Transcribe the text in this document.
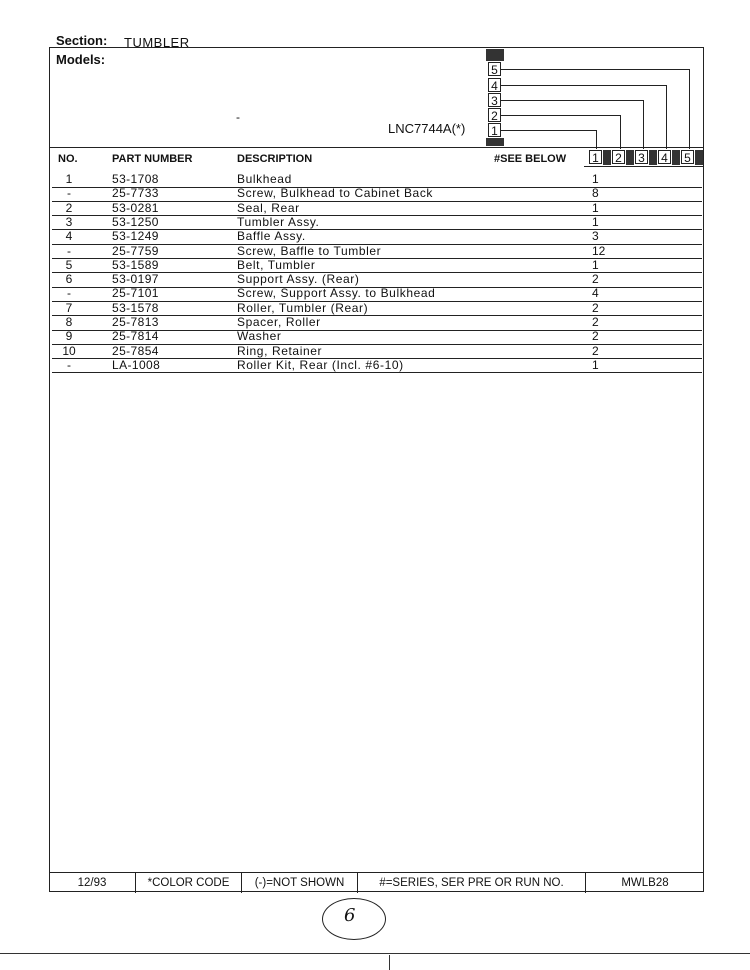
Section: TUMBLER
Models:
-
LNC7744A(*)
5
4
3
2
1
NO.	PART NUMBER	DESCRIPTION	#SEE BELOW 1 2 3 4 5
1	53-1708	Bulkhead	1
-	25-7733	Screw, Bulkhead to Cabinet Back	8
2	53-0281	Seal, Rear	1
3	53-1250	Tumbler Assy.	1
4	53-1249	Baffle Assy.	3
-	25-7759	Screw, Baffle to Tumbler	12
5	53-1589	Belt, Tumbler	1
6	53-0197	Support Assy. (Rear)	2
-	25-7101	Screw, Support Assy. to Bulkhead	4
7	53-1578	Roller, Tumbler (Rear)	2
8	25-7813	Spacer, Roller	2
9	25-7814	Washer	2
10	25-7854	Ring, Retainer	2
-	LA-1008	Roller Kit, Rear (Incl. #6-10)	1
12/93	*COLOR CODE	(-)=NOT SHOWN	#=SERIES, SER PRE OR RUN NO.	MWLB28
6
